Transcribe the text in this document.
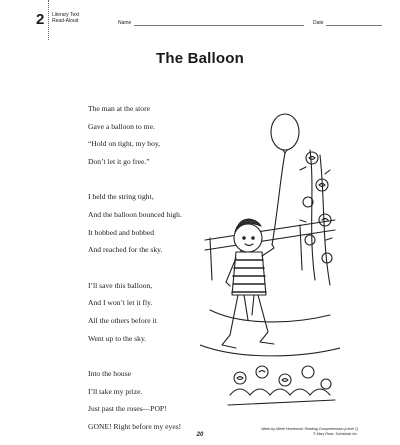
2 Literary Text
Read-Aloud	Name	Date
The Balloon
The man at the store
Gave a balloon to me.
“Hold on tight, my boy,
Don’t let it go free.”
I held the string tight,
And the balloon bounced high.
It bobbed and bobbed
And reached for the sky.
I’ll save this balloon,
And I won’t let it fly.
All the others before it
Went up to the sky.
Into the house
I’ll take my prize.
Just past the roses—POP!
GONE! Right before my eyes!
20
Week-by-Week Homework: Reading Comprehension (Level 1)
© Mary Rose, Scholastic Inc.
